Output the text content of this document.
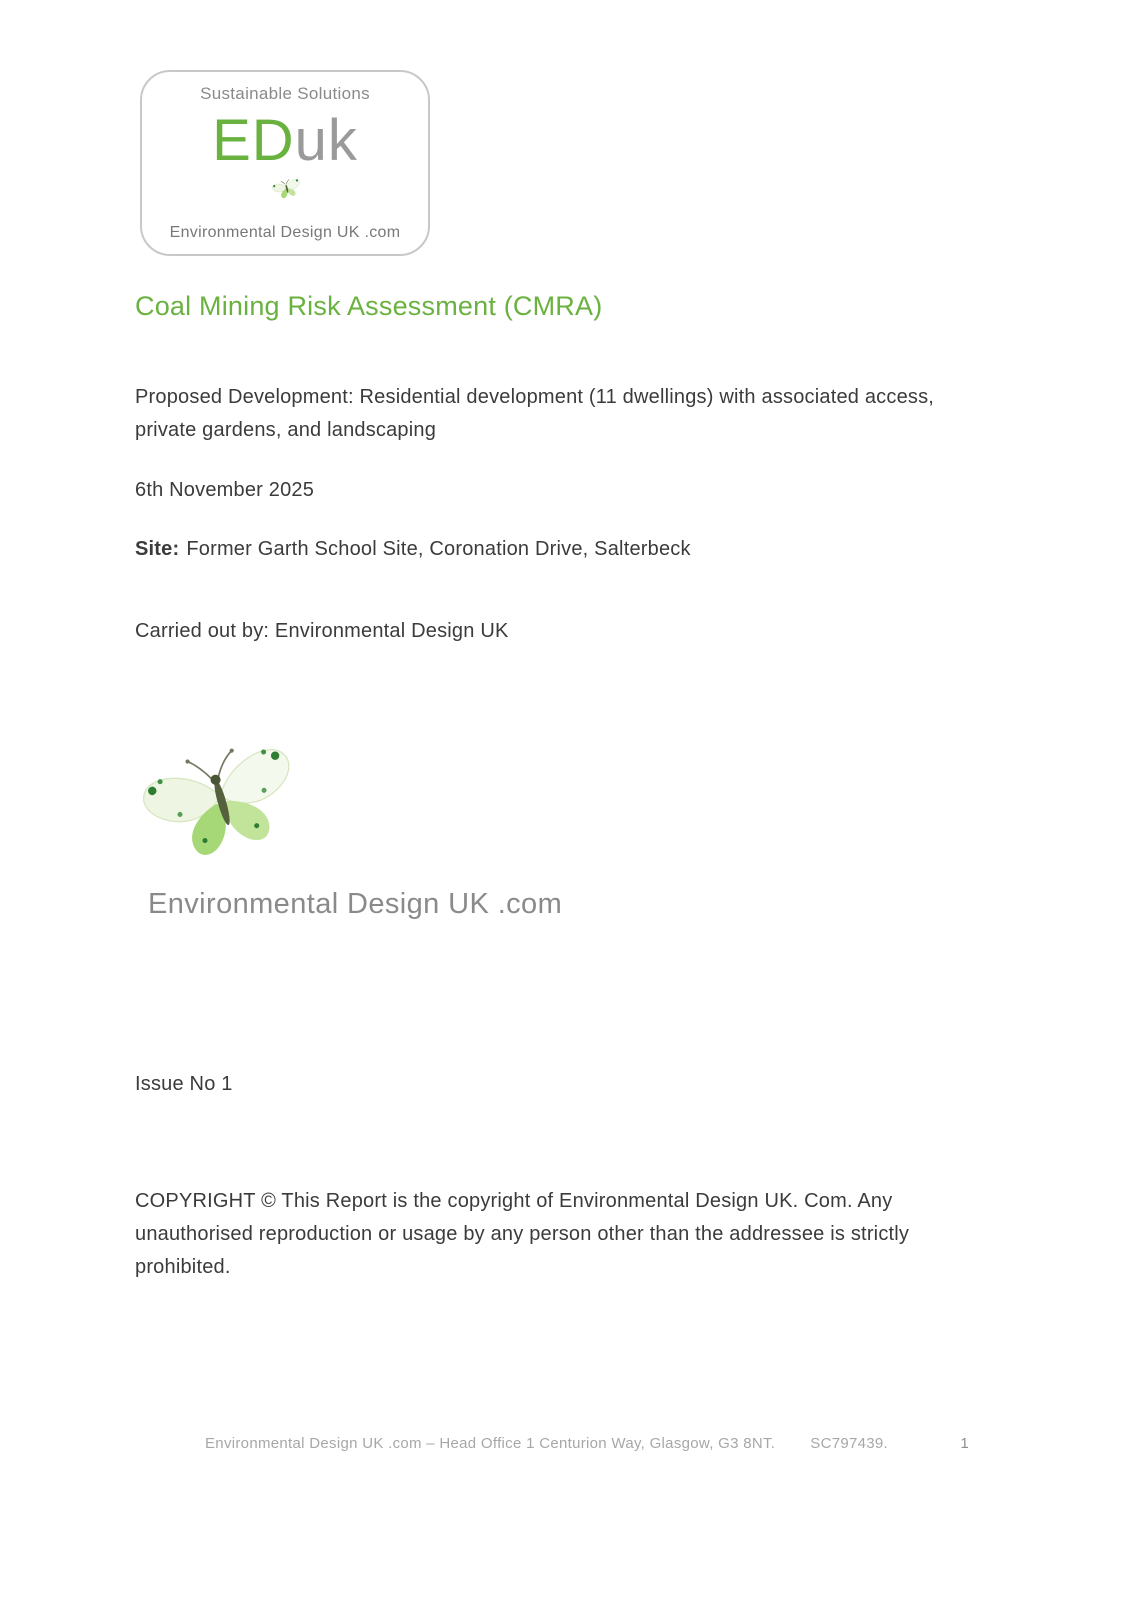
Sustainable Solutions
EDuk
Environmental Design UK .com
Coal Mining Risk Assessment (CMRA)

Proposed Development: Residential development (11 dwellings) with associated access, private gardens, and landscaping

6th November 2025

Site: Former Garth School Site, Coronation Drive, Salterbeck

Carried out by: Environmental Design UK

Environmental Design UK .com

Issue No 1

COPYRIGHT © This Report is the copyright of Environmental Design UK. Com. Any unauthorised reproduction or usage by any person other than the addressee is strictly prohibited.

Environmental Design UK .com – Head Office 1 Centurion Way, Glasgow, G3 8NT. SC797439.	1
